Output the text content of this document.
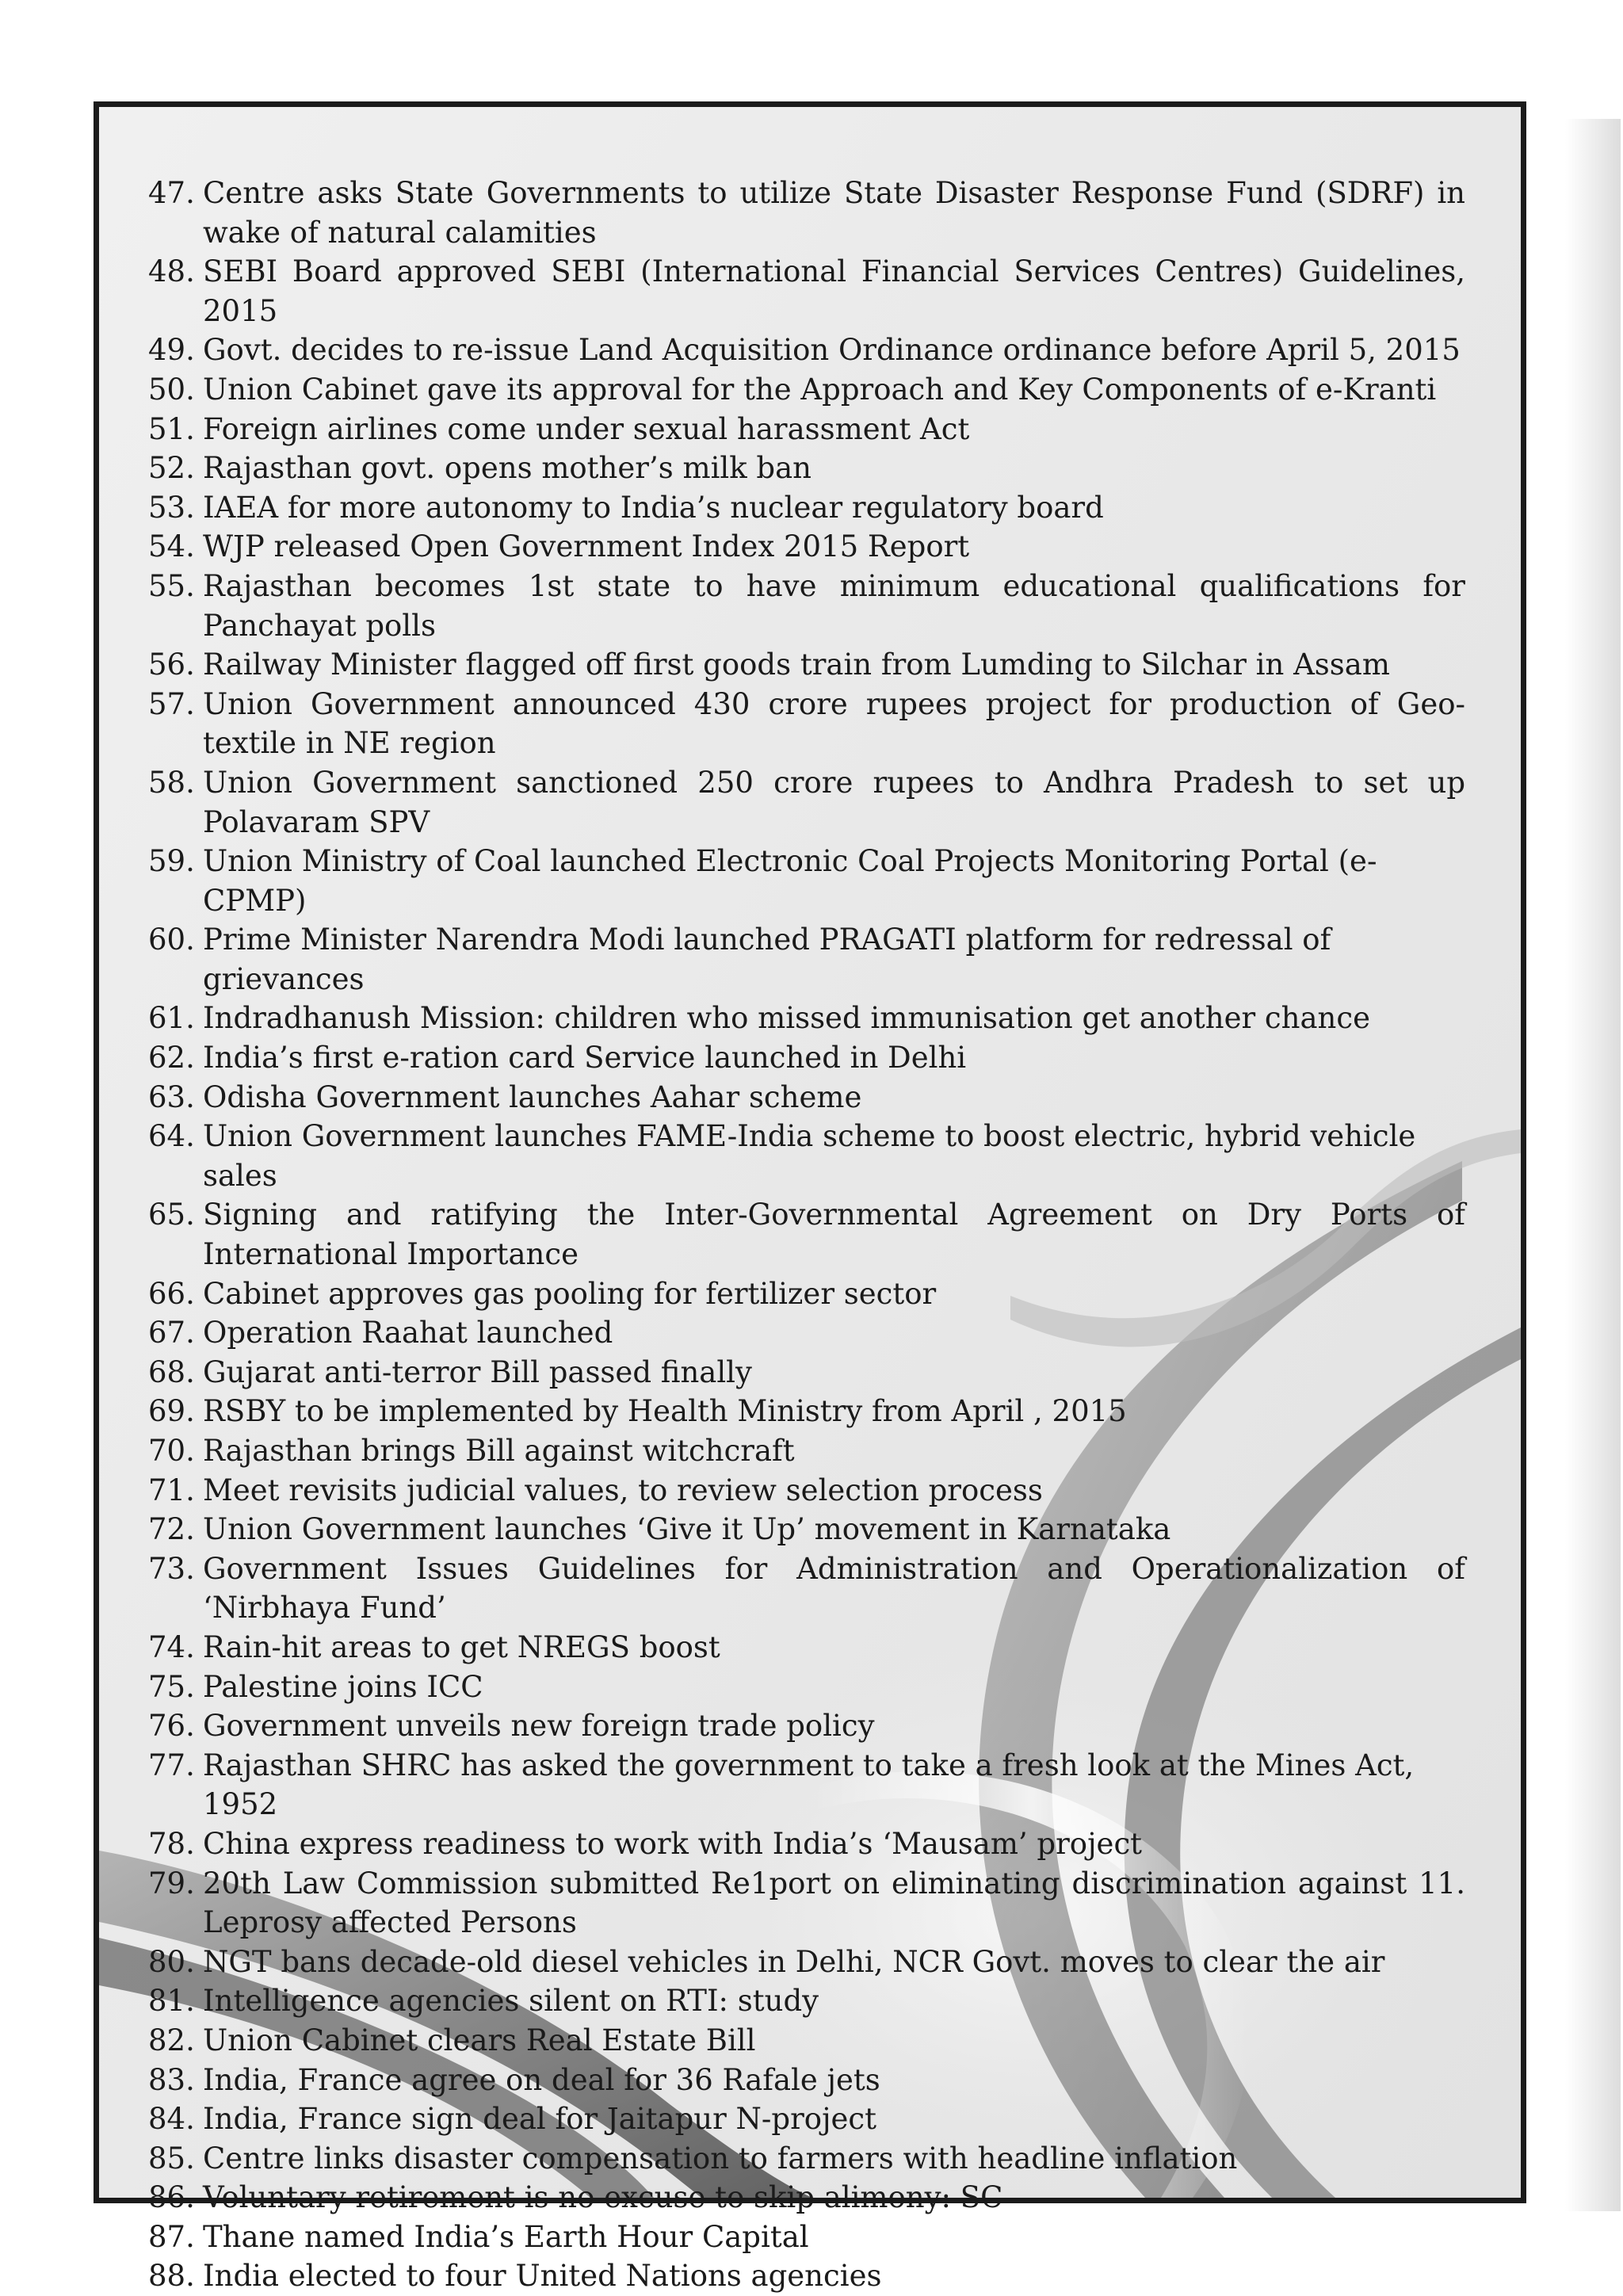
47. Centre asks State Governments to utilize State Disaster Response Fund (SDRF) in wake of natural calamities
48. SEBI Board approved SEBI (International Financial Services Centres) Guidelines, 2015
49. Govt. decides to re-issue Land Acquisition Ordinance ordinance before April 5, 2015
50. Union Cabinet gave its approval for the Approach and Key Components of e-Kranti
51. Foreign airlines come under sexual harassment Act
52. Rajasthan govt. opens mother’s milk ban
53. IAEA for more autonomy to India’s nuclear regulatory board
54. WJP released Open Government Index 2015 Report
55. Rajasthan becomes 1st state to have minimum educational qualifications for Panchayat polls
56. Railway Minister flagged off first goods train from Lumding to Silchar in Assam
57. Union Government announced 430 crore rupees project for production of Geo-textile in NE region
58. Union Government sanctioned 250 crore rupees to Andhra Pradesh to set up Polavaram SPV
59. Union Ministry of Coal launched Electronic Coal Projects Monitoring Portal (e-CPMP)
60. Prime Minister Narendra Modi launched PRAGATI platform for redressal of grievances
61. Indradhanush Mission: children who missed immunisation get another chance
62. India’s first e-ration card Service launched in Delhi
63. Odisha Government launches Aahar scheme
64. Union Government launches FAME-India scheme to boost electric, hybrid vehicle sales
65. Signing and ratifying the Inter-Governmental Agreement on Dry Ports of International Importance
66. Cabinet approves gas pooling for fertilizer sector
67. Operation Raahat launched
68. Gujarat anti-terror Bill passed finally
69. RSBY to be implemented by Health Ministry from April , 2015
70. Rajasthan brings Bill against witchcraft
71. Meet revisits judicial values, to review selection process
72. Union Government launches ‘Give it Up’ movement in Karnataka
73. Government Issues Guidelines for Administration and Operationalization of ‘Nirbhaya Fund’
74. Rain-hit areas to get NREGS boost
75. Palestine joins ICC
76. Government unveils new foreign trade policy
77. Rajasthan SHRC has asked the government to take a fresh look at the Mines Act, 1952
78. China express readiness to work with India’s ‘Mausam’ project
79. 20th Law Commission submitted Re1port on eliminating discrimination against 11. Leprosy affected Persons
80. NGT bans decade-old diesel vehicles in Delhi, NCR Govt. moves to clear the air
81. Intelligence agencies silent on RTI: study
82. Union Cabinet clears Real Estate Bill
83. India, France agree on deal for 36 Rafale jets
84. India, France sign deal for Jaitapur N-project
85. Centre links disaster compensation to farmers with headline inflation
86. Voluntary retirement is no excuse to skip alimony: SC
87. Thane named India’s Earth Hour Capital
88. India elected to four United Nations agencies
